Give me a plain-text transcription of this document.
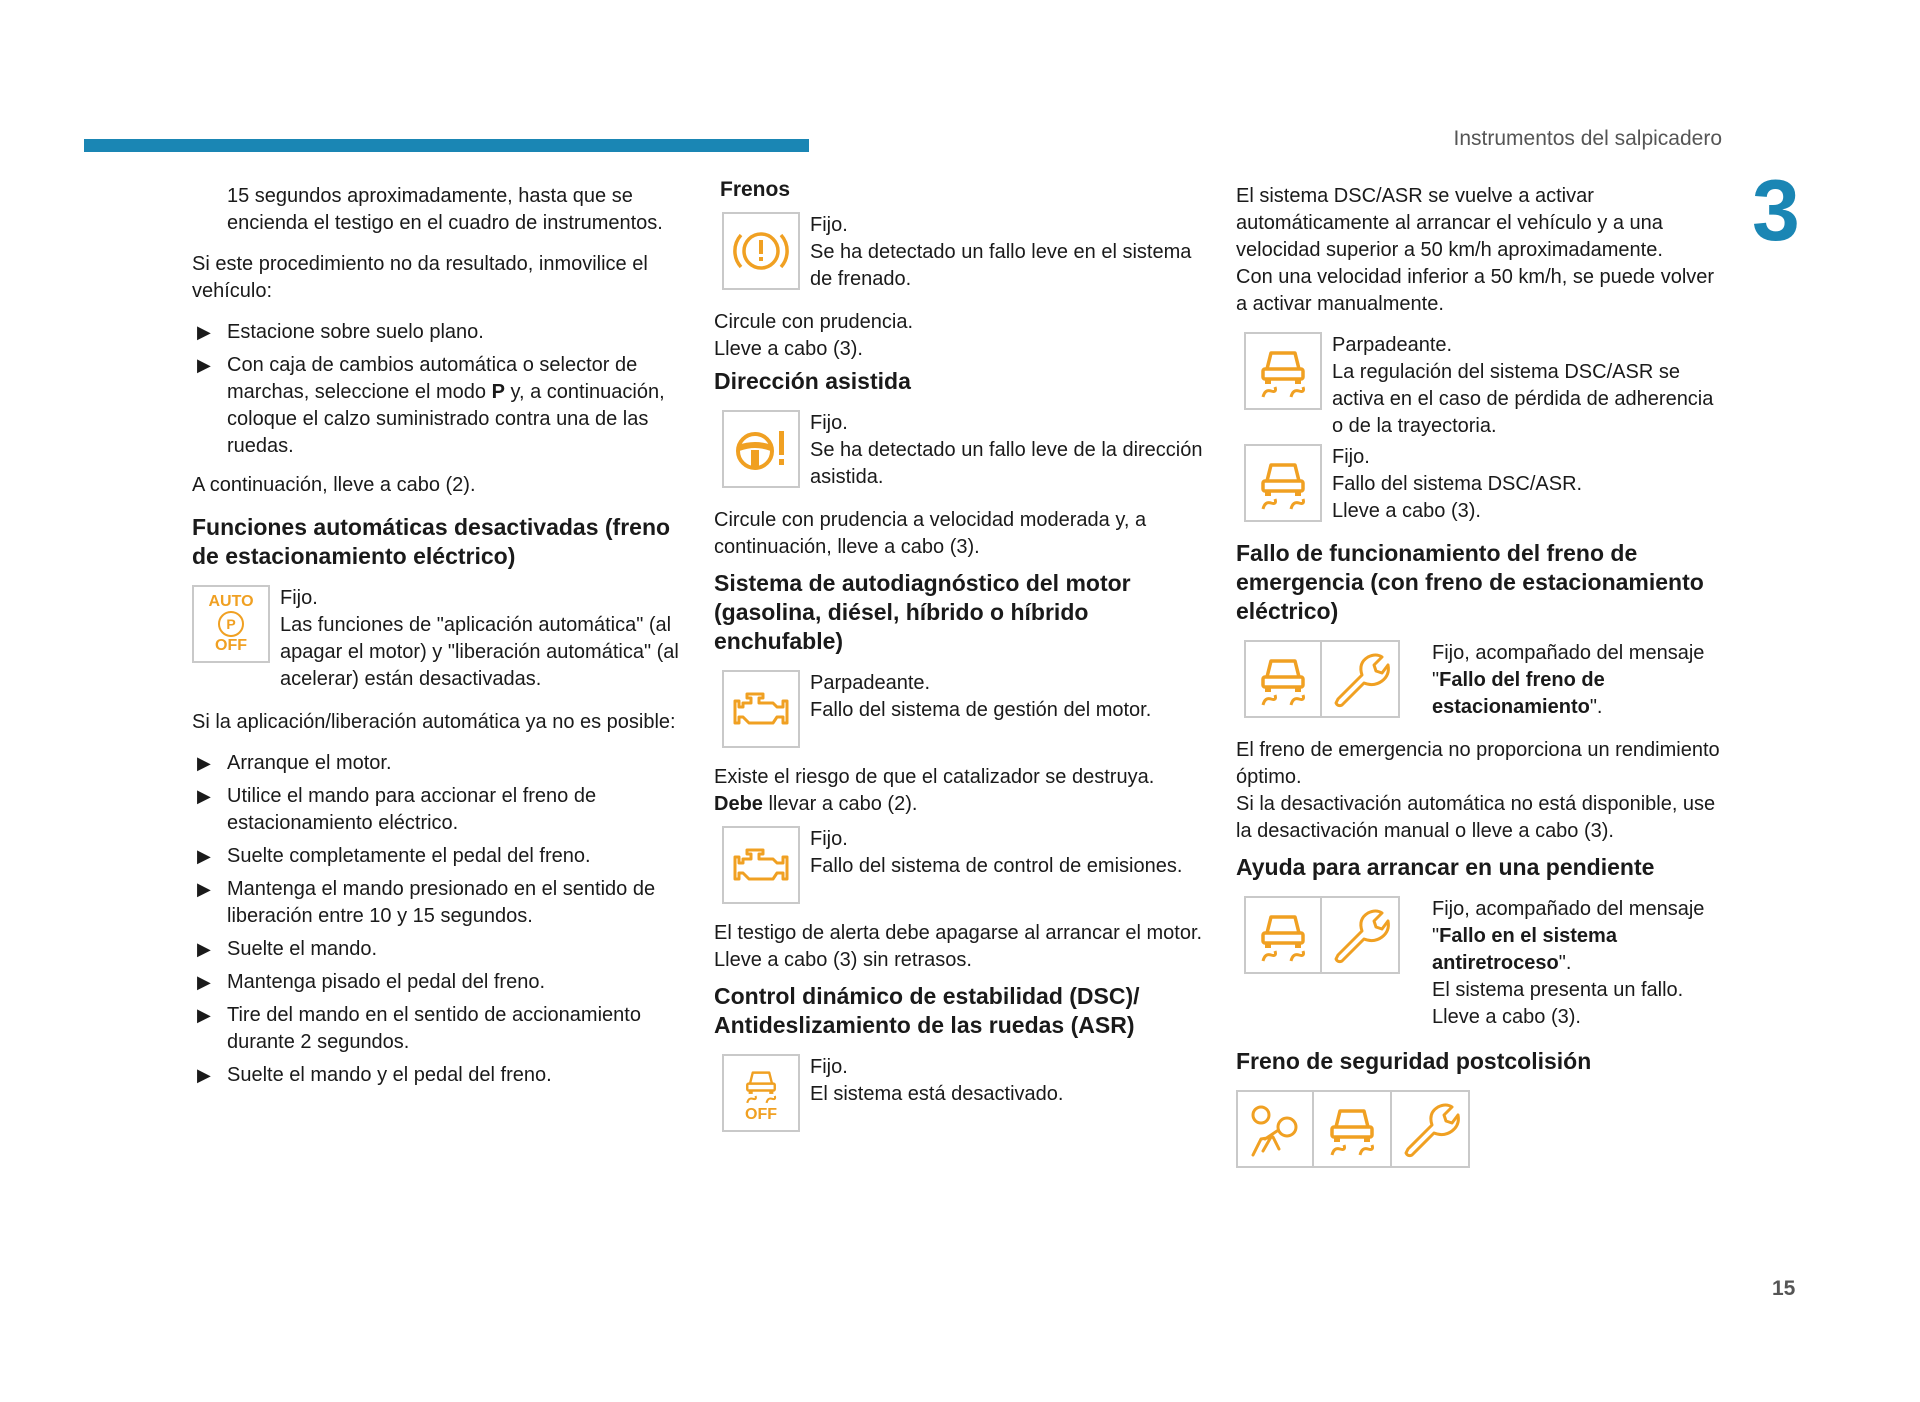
Instrumentos del salpicadero
3
15

15 segundos aproximadamente, hasta que se encienda el testigo en el cuadro de instrumentos.

Si este procedimiento no da resultado, inmovilice el vehículo:

▶ Estacione sobre suelo plano.
▶ Con caja de cambios automática o selector de marchas, seleccione el modo P y, a continuación, coloque el calzo suministrado contra una de las ruedas.

A continuación, lleve a cabo (2).

Funciones automáticas desactivadas (freno de estacionamiento eléctrico)
AUTO
P
OFF
Fijo.
Las funciones de "aplicación automática" (al apagar el motor) y "liberación automática" (al acelerar) están desactivadas.

Si la aplicación/liberación automática ya no es posible:

▶ Arranque el motor.
▶ Utilice el mando para accionar el freno de estacionamiento eléctrico.
▶ Suelte completamente el pedal del freno.
▶ Mantenga el mando presionado en el sentido de liberación entre 10 y 15 segundos.
▶ Suelte el mando.
▶ Mantenga pisado el pedal del freno.
▶ Tire del mando en el sentido de accionamiento durante 2 segundos.
▶ Suelte el mando y el pedal del freno.
Frenos
Fijo.
Se ha detectado un fallo leve en el sistema de frenado.
Circule con prudencia.
Lleve a cabo (3).
Dirección asistida
Fijo.
Se ha detectado un fallo leve de la dirección asistida.
Circule con prudencia a velocidad moderada y, a continuación, lleve a cabo (3).
Sistema de autodiagnóstico del motor (gasolina, diésel, híbrido o híbrido enchufable)
Parpadeante.
Fallo del sistema de gestión del motor.
Existe el riesgo de que el catalizador se destruya.
Debe llevar a cabo (2).
Fijo.
Fallo del sistema de control de emisiones.
El testigo de alerta debe apagarse al arrancar el motor.
Lleve a cabo (3) sin retrasos.
Control dinámico de estabilidad (DSC)/ Antideslizamiento de las ruedas (ASR)
OFF
Fijo.
El sistema está desactivado.
El sistema DSC/ASR se vuelve a activar automáticamente al arrancar el vehículo y a una velocidad superior a 50 km/h aproximadamente.

Con una velocidad inferior a 50 km/h, se puede volver a activar manualmente.

Parpadeante.
La regulación del sistema DSC/ASR se activa en el caso de pérdida de adherencia o de la trayectoria.
Fijo.
Fallo del sistema DSC/ASR.
Lleve a cabo (3).
Fallo de funcionamiento del freno de emergencia (con freno de estacionamiento eléctrico)
Fijo, acompañado del mensaje "Fallo del freno de estacionamiento".
El freno de emergencia no proporciona un rendimiento óptimo.
Si la desactivación automática no está disponible, use la desactivación manual o lleve a cabo (3).
Ayuda para arrancar en una pendiente
Fijo, acompañado del mensaje "Fallo en el sistema antiretroceso".
El sistema presenta un fallo.
Lleve a cabo (3).
Freno de seguridad postcolisión
